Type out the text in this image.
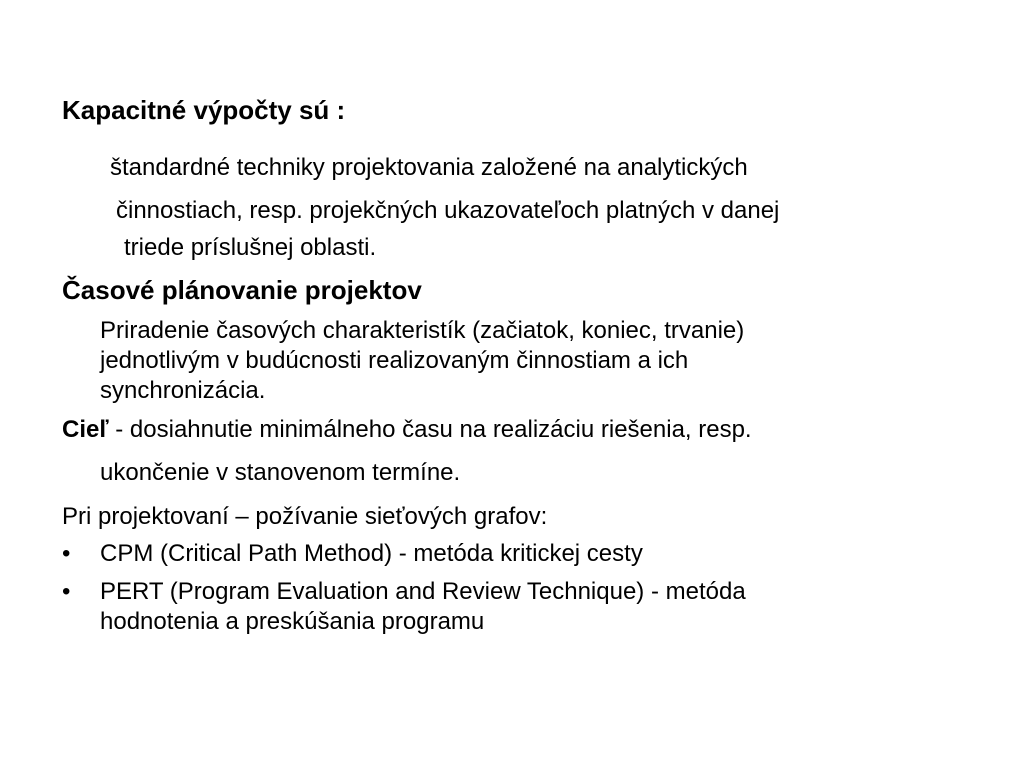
Kapacitné výpočty sú :
štandardné techniky projektovania založené na analytických
činnostiach, resp. projekčných ukazovateľoch platných v danej
triede príslušnej oblasti.
Časové plánovanie projektov
Priradenie časových charakteristík (začiatok, koniec, trvanie)
jednotlivým v budúcnosti realizovaným činnostiam a ich
synchronizácia.
Cieľ - dosiahnutie minimálneho času na realizáciu riešenia, resp.
ukončenie v stanovenom termíne.
Pri projektovaní – požívanie sieťových grafov:
• CPM (Critical Path Method) - metóda kritickej cesty
• PERT (Program Evaluation and Review Technique) - metóda
hodnotenia a preskúšania programu
